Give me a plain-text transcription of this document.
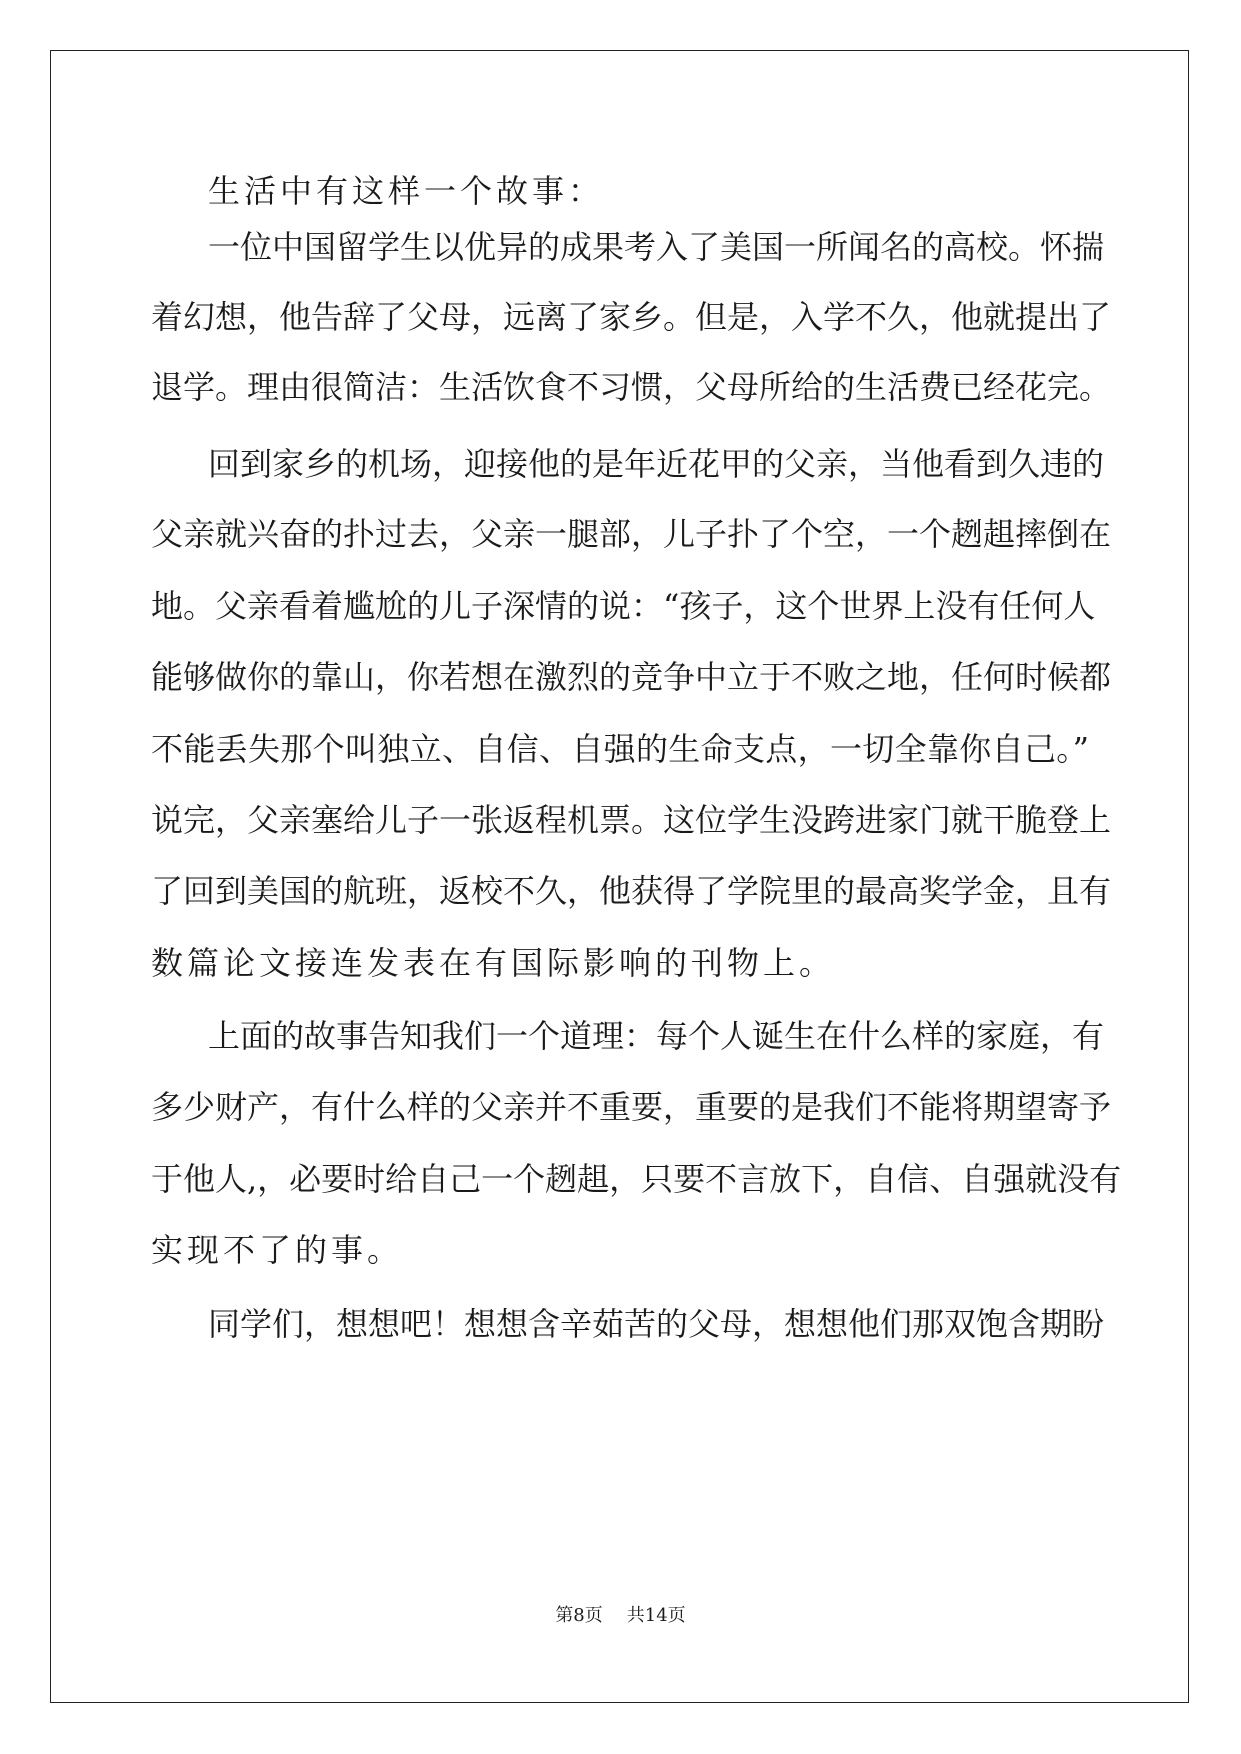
生活中有这样一个故事：
一位中国留学生以优异的成果考入了美国一所闻名的高校。怀揣
着幻想，他告辞了父母，远离了家乡。但是，入学不久，他就提出了
退学。理由很简洁：生活饮食不习惯，父母所给的生活费已经花完。
回到家乡的机场，迎接他的是年近花甲的父亲，当他看到久违的
父亲就兴奋的扑过去，父亲一腿部，儿子扑了个空，一个趔趄摔倒在
地。父亲看着尴尬的儿子深情的说：“孩子，这个世界上没有任何人
能够做你的靠山，你若想在激烈的竞争中立于不败之地，任何时候都
不能丢失那个叫独立、自信、自强的生命支点，一切全靠你自己。”
说完，父亲塞给儿子一张返程机票。这位学生没跨进家门就干脆登上
了回到美国的航班，返校不久，他获得了学院里的最高奖学金，且有
数篇论文接连发表在有国际影响的刊物上。
上面的故事告知我们一个道理：每个人诞生在什么样的家庭，有
多少财产，有什么样的父亲并不重要，重要的是我们不能将期望寄予
于他人,，必要时给自己一个趔趄，只要不言放下，自信、自强就没有
实现不了的事。
同学们，想想吧！想想含辛茹苦的父母，想想他们那双饱含期盼
第8页 共14页
